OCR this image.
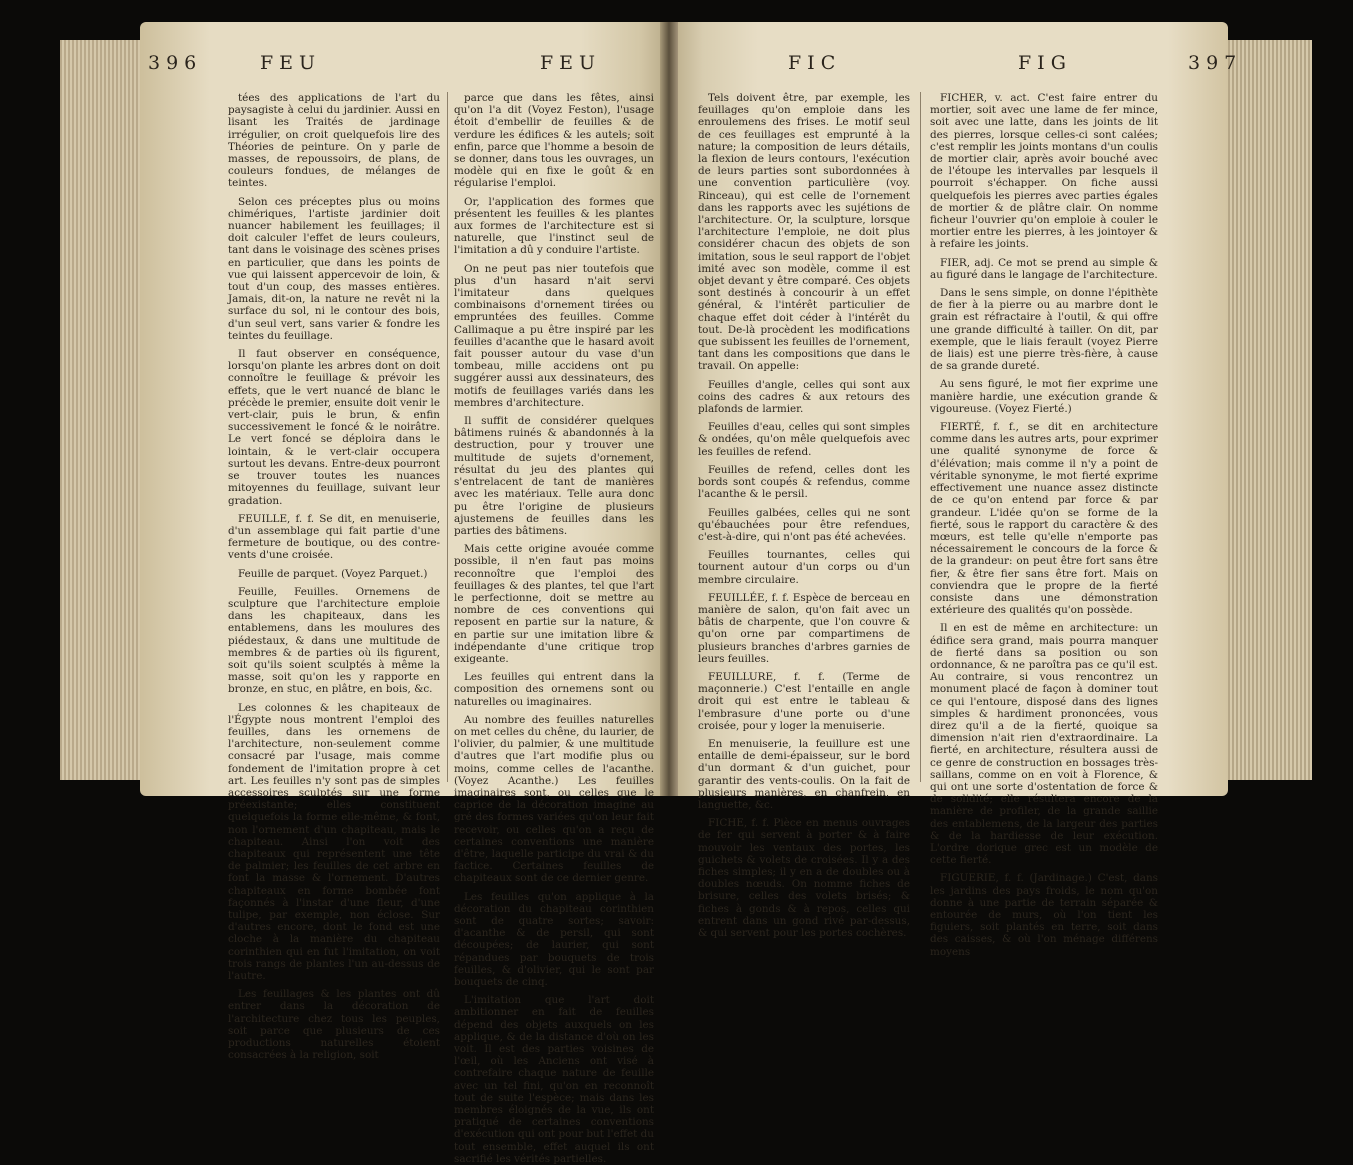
396	FEU	FEU

tées des applications de l'art du paysagiste à celui du jardinier. Aussi en lisant les Traités de jardinage irrégulier, on croit quelquefois lire des Théories de peinture. On y parle de masses, de repoussoirs, de plans, de couleurs fondues, de mélanges de teintes.

Selon ces préceptes plus ou moins chimériques, l'artiste jardinier doit nuancer habilement les feuillages; il doit calculer l'effet de leurs couleurs, tant dans le voisinage des scènes prises en particulier, que dans les points de vue qui laissent appercevoir de loin, & tout d'un coup, des masses entières. Jamais, dit-on, la nature ne revêt ni la surface du sol, ni le contour des bois, d'un seul vert, sans varier & fondre les teintes du feuillage.

Il faut observer en conséquence, lorsqu'on plante les arbres dont on doit connoître le feuillage & prévoir les effets, que le vert nuancé de blanc le précède le premier, ensuite doit venir le vert-clair, puis le brun, & enfin successivement le foncé & le noirâtre. Le vert foncé se déploira dans le lointain, & le vert-clair occupera surtout les devans. Entre-deux pourront se trouver toutes les nuances mitoyennes du feuillage, suivant leur gradation.

FEUILLE, f. f. Se dit, en menuiserie, d'un assemblage qui fait partie d'une fermeture de boutique, ou des contre-vents d'une croisée.

Feuille de parquet. (Voyez Parquet.)

Feuille, Feuilles. Ornemens de sculpture que l'architecture emploie dans les chapiteaux, dans les entablemens, dans les moulures des piédestaux, & dans une multitude de membres & de parties où ils figurent, soit qu'ils soient sculptés à même la masse, soit qu'on les y rapporte en bronze, en stuc, en plâtre, en bois, &c.

Les colonnes & les chapiteaux de l'Égypte nous montrent l'emploi des feuilles, dans les ornemens de l'architecture, non-seulement comme consacré par l'usage, mais comme fondement de l'imitation propre à cet art. Les feuilles n'y sont pas de simples accessoires sculptés sur une forme préexistante; elles constituent quelquefois la forme elle-même, & font, non l'ornement d'un chapiteau, mais le chapiteau. Ainsi l'on voit des chapiteaux qui représentent une tête de palmier; les feuilles de cet arbre en font la masse & l'ornement. D'autres chapiteaux en forme bombée font façonnés à l'instar d'une fleur, d'une tulipe, par exemple, non éclose. Sur d'autres encore, dont le fond est une cloche à la manière du chapiteau corinthien qui en fut l'imitation, on voit trois rangs de plantes l'un au-dessus de l'autre.

Les feuillages & les plantes ont dû entrer dans la décoration de l'architecture chez tous les peuples, soit parce que plusieurs de ces productions naturelles étoient consacrées à la religion, soit

parce que dans les fêtes, ainsi qu'on l'a dit (Voyez Feston), l'usage étoit d'embellir de feuilles & de verdure les édifices & les autels; soit enfin, parce que l'homme a besoin de se donner, dans tous les ouvrages, un modèle qui en fixe le goût & en régularise l'emploi.

Or, l'application des formes que présentent les feuilles & les plantes aux formes de l'architecture est si naturelle, que l'instinct seul de l'imitation a dû y conduire l'artiste.

On ne peut pas nier toutefois que plus d'un hasard n'ait servi l'imitateur dans quelques combinaisons d'ornement tirées ou empruntées des feuilles. Comme Callimaque a pu être inspiré par les feuilles d'acanthe que le hasard avoit fait pousser autour du vase d'un tombeau, mille accidens ont pu suggérer aussi aux dessinateurs, des motifs de feuillages variés dans les membres d'architecture.

Il suffit de considérer quelques bâtimens ruinés & abandonnés à la destruction, pour y trouver une multitude de sujets d'ornement, résultat du jeu des plantes qui s'entrelacent de tant de manières avec les matériaux. Telle aura donc pu être l'origine de plusieurs ajustemens de feuilles dans les parties des bâtimens.

Mais cette origine avouée comme possible, il n'en faut pas moins reconnoître que l'emploi des feuillages & des plantes, tel que l'art le perfectionne, doit se mettre au nombre de ces conventions qui reposent en partie sur la nature, & en partie sur une imitation libre & indépendante d'une critique trop exigeante.

Les feuilles qui entrent dans la composition des ornemens sont ou naturelles ou imaginaires.

Au nombre des feuilles naturelles on met celles du chêne, du laurier, de l'olivier, du palmier, & une multitude d'autres que l'art modifie plus ou moins, comme celles de l'acanthe. (Voyez Acanthe.) Les feuilles imaginaires sont, ou celles que le caprice de la décoration imagine au gré des formes variées qu'on leur fait recevoir, ou celles qu'on a reçu de certaines conventions une manière d'être, laquelle participe du vrai & du factice. Certaines feuilles de chapiteaux sont de ce dernier genre.

Les feuilles qu'on applique à la décoration du chapiteau corinthien sont de quatre sortes; savoir: d'acanthe & de persil, qui sont découpées; de laurier, qui sont répandues par bouquets de trois feuilles, & d'olivier, qui le sont par bouquets de cinq.

L'imitation que l'art doit ambitionner en fait de feuilles dépend des objets auxquels on les applique, & de la distance d'où on les voit. Il est des parties voisines de l'œil, où les Anciens ont visé à contrefaire chaque nature de feuille avec un tel fini, qu'on en reconnoît tout de suite l'espèce; mais dans les membres éloignés de la vue, ils ont pratiqué de certaines conventions d'exécution qui ont pour but l'effet du tout ensemble, effet auquel ils ont sacrifié les vérités partielles.

FIC	FIG	397

Tels doivent être, par exemple, les feuillages qu'on emploie dans les enroulemens des frises. Le motif seul de ces feuillages est emprunté à la nature; la composition de leurs détails, la flexion de leurs contours, l'exécution de leurs parties sont subordonnées à une convention particulière (voy. Rinceau), qui est celle de l'ornement dans les rapports avec les sujétions de l'architecture. Or, la sculpture, lorsque l'architecture l'emploie, ne doit plus considérer chacun des objets de son imitation, sous le seul rapport de l'objet imité avec son modèle, comme il est objet devant y être comparé. Ces objets sont destinés à concourir à un effet général, & l'intérêt particulier de chaque effet doit céder à l'intérêt du tout. De-là procèdent les modifications que subissent les feuilles de l'ornement, tant dans les compositions que dans le travail. On appelle:

Feuilles d'angle, celles qui sont aux coins des cadres & aux retours des plafonds de larmier.

Feuilles d'eau, celles qui sont simples & ondées, qu'on mêle quelquefois avec les feuilles de refend.

Feuilles de refend, celles dont les bords sont coupés & refendus, comme l'acanthe & le persil.

Feuilles galbées, celles qui ne sont qu'ébauchées pour être refendues, c'est-à-dire, qui n'ont pas été achevées.

Feuilles tournantes, celles qui tournent autour d'un corps ou d'un membre circulaire.

FEUILLÉE, f. f. Espèce de berceau en manière de salon, qu'on fait avec un bâtis de charpente, que l'on couvre & qu'on orne par compartimens de plusieurs branches d'arbres garnies de leurs feuilles.

FEUILLURE, f. f. (Terme de maçonnerie.) C'est l'entaille en angle droit qui est entre le tableau & l'embrasure d'une porte ou d'une croisée, pour y loger la menuiserie.

En menuiserie, la feuillure est une entaille de demi-épaisseur, sur le bord d'un dormant & d'un guichet, pour garantir des vents-coulis. On la fait de plusieurs manières, en chanfrein, en languette, &c.

FICHE, f. f. Pièce en menus ouvrages de fer qui servent à porter & à faire mouvoir les ventaux des portes, les guichets & volets de croisées. Il y a des fiches simples; il y en a de doubles ou à doubles nœuds. On nomme fiches de brisure, celles des volets brisés; & fiches à gonds & à repos, celles qui entrent dans un gond rivé par-dessus, & qui servent pour les portes cochères.

FICHER, v. act. C'est faire entrer du mortier, soit avec une lame de fer mince, soit avec une latte, dans les joints de lit des pierres, lorsque celles-ci sont calées; c'est remplir les joints montans d'un coulis de mortier clair, après avoir bouché avec de l'étoupe les intervalles par lesquels il pourroit s'échapper. On fiche aussi quelquefois les pierres avec parties égales de mortier & de plâtre clair. On nomme ficheur l'ouvrier qu'on emploie à couler le mortier entre les pierres, à les jointoyer & à refaire les joints.

FIER, adj. Ce mot se prend au simple & au figuré dans le langage de l'architecture.

Dans le sens simple, on donne l'épithète de fier à la pierre ou au marbre dont le grain est réfractaire à l'outil, & qui offre une grande difficulté à tailler. On dit, par exemple, que le liais ferault (voyez Pierre de liais) est une pierre très-fière, à cause de sa grande dureté.

Au sens figuré, le mot fier exprime une manière hardie, une exécution grande & vigoureuse. (Voyez Fierté.)

FIERTÉ, f. f., se dit en architecture comme dans les autres arts, pour exprimer une qualité synonyme de force & d'élévation; mais comme il n'y a point de véritable synonyme, le mot fierté exprime effectivement une nuance assez distincte de ce qu'on entend par force & par grandeur. L'idée qu'on se forme de la fierté, sous le rapport du caractère & des mœurs, est telle qu'elle n'emporte pas nécessairement le concours de la force & de la grandeur: on peut être fort sans être fier, & être fier sans être fort. Mais on conviendra que le propre de la fierté consiste dans une démonstration extérieure des qualités qu'on possède.

Il en est de même en architecture: un édifice sera grand, mais pourra manquer de fierté dans sa position ou son ordonnance, & ne paroîtra pas ce qu'il est. Au contraire, si vous rencontrez un monument placé de façon à dominer tout ce qui l'entoure, disposé dans des lignes simples & hardiment prononcées, vous direz qu'il a de la fierté, quoique sa dimension n'ait rien d'extraordinaire. La fierté, en architecture, résultera aussi de ce genre de construction en bossages très-saillans, comme on en voit à Florence, & qui ont une sorte d'ostentation de force & de solidité; elle résultera encore de la manière de profiler, de la grande saillie des entablemens, de la largeur des parties & de la hardiesse de leur exécution. L'ordre dorique grec est un modèle de cette fierté.

FIGUERIE, f. f. (Jardinage.) C'est, dans les jardins des pays froids, le nom qu'on donne à une partie de terrain séparée & entourée de murs, où l'on tient les figuiers, soit plantés en terre, soit dans des caisses, & où l'on ménage différens moyens
